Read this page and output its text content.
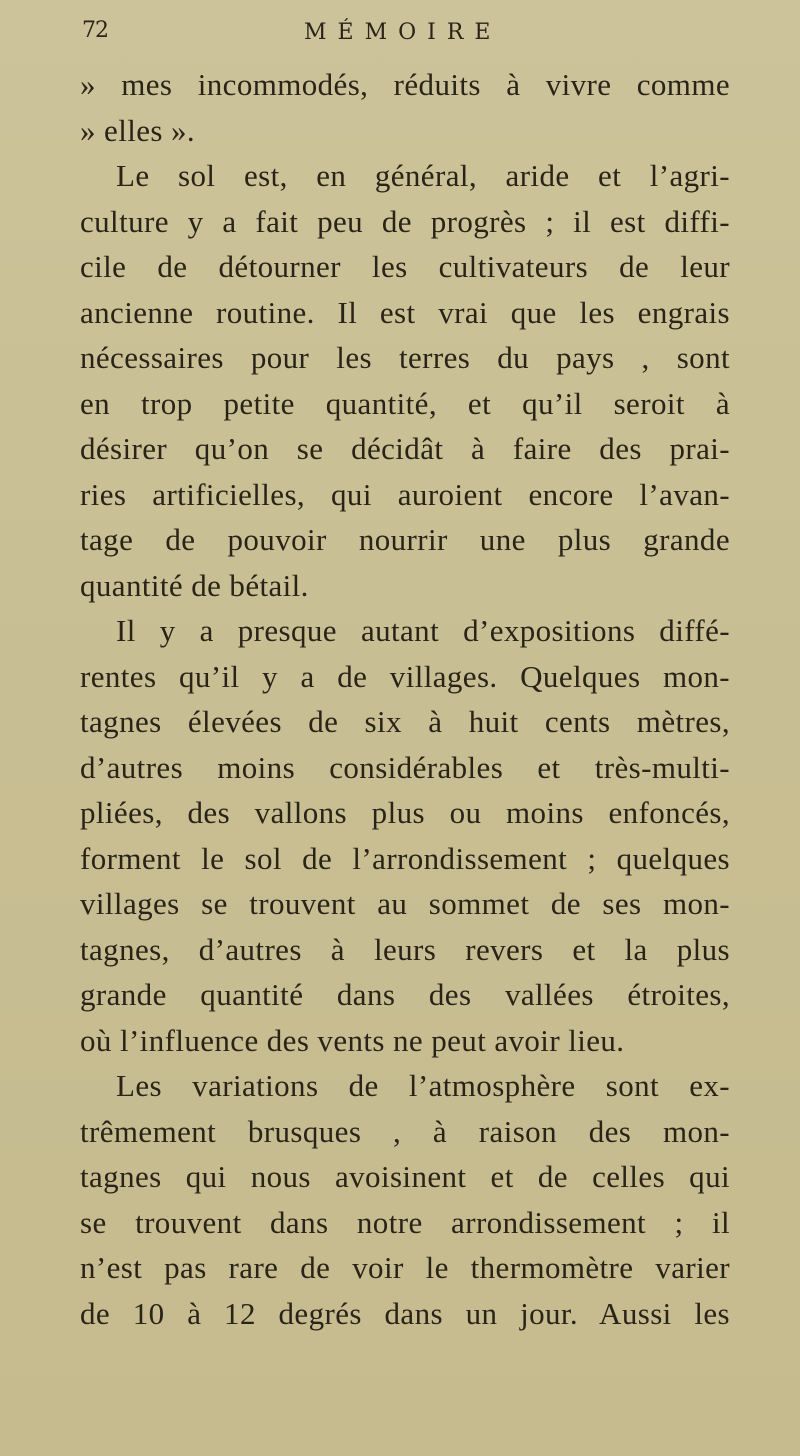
72	MÉMOIRE
» mes incommodés, réduits à vivre comme
» elles ».
Le sol est, en général, aride et l’agri-
culture y a fait peu de progrès ; il est diffi-
cile de détourner les cultivateurs de leur
ancienne routine. Il est vrai que les engrais
nécessaires pour les terres du pays , sont
en trop petite quantité, et qu’il seroit à
désirer qu’on se décidât à faire des prai-
ries artificielles, qui auroient encore l’avan-
tage de pouvoir nourrir une plus grande
quantité de bétail.
Il y a presque autant d’expositions diffé-
rentes qu’il y a de villages. Quelques mon-
tagnes élevées de six à huit cents mètres,
d’autres moins considérables et très-multi-
pliées, des vallons plus ou moins enfoncés,
forment le sol de l’arrondissement ; quelques
villages se trouvent au sommet de ses mon-
tagnes, d’autres à leurs revers et la plus
grande quantité dans des vallées étroites,
où l’influence des vents ne peut avoir lieu.
Les variations de l’atmosphère sont ex-
trêmement brusques , à raison des mon-
tagnes qui nous avoisinent et de celles qui
se trouvent dans notre arrondissement ; il
n’est pas rare de voir le thermomètre varier
de 10 à 12 degrés dans un jour. Aussi les
